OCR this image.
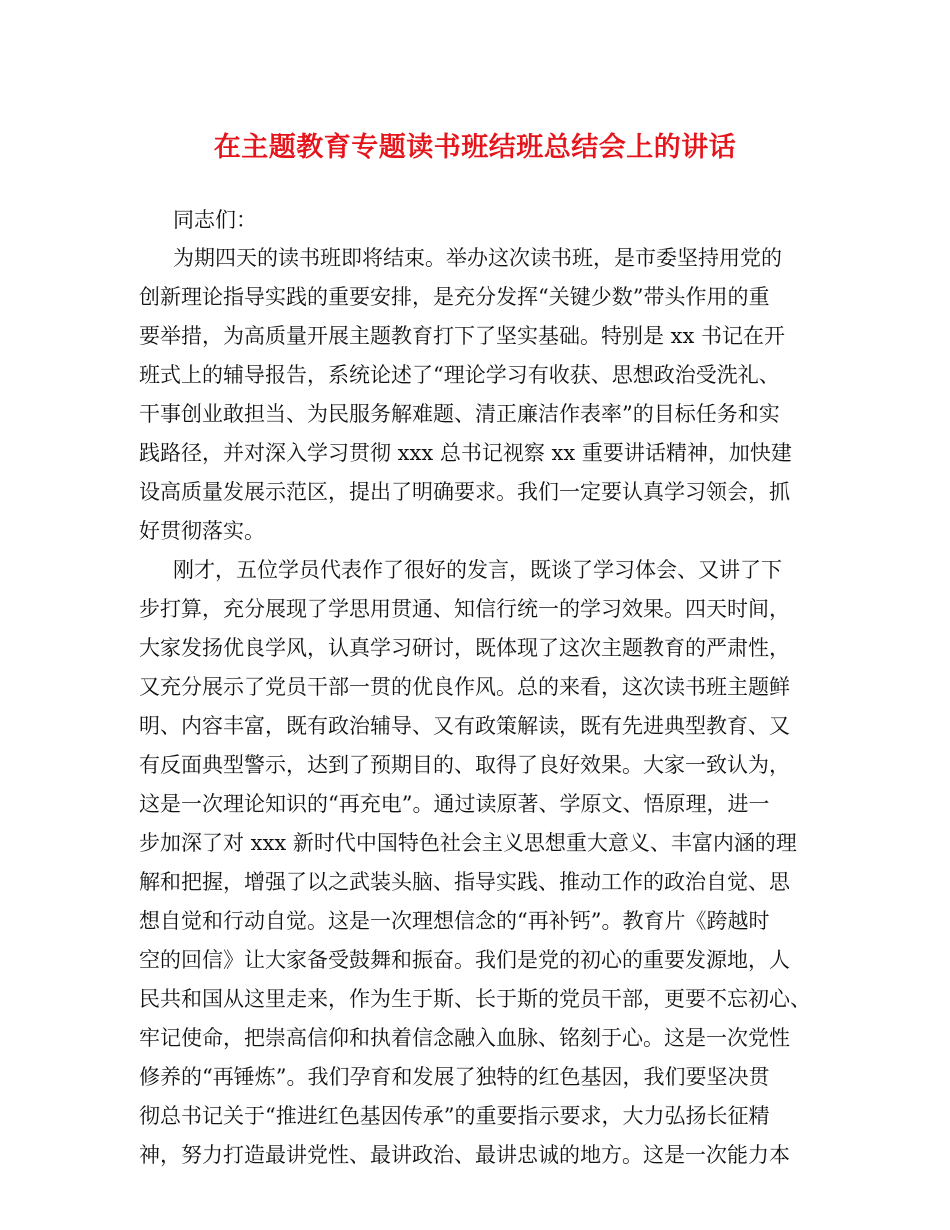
在主题教育专题读书班结班总结会上的讲话
同志们：
为期四天的读书班即将结束。举办这次读书班，是市委坚持用党的
创新理论指导实践的重要安排，是充分发挥“关键少数”带头作用的重
要举措，为高质量开展主题教育打下了坚实基础。特别是 xx 书记在开
班式上的辅导报告，系统论述了“理论学习有收获、思想政治受洗礼、
干事创业敢担当、为民服务解难题、清正廉洁作表率”的目标任务和实
践路径，并对深入学习贯彻 xxx 总书记视察 xx 重要讲话精神，加快建
设高质量发展示范区，提出了明确要求。我们一定要认真学习领会，抓
好贯彻落实。
刚才，五位学员代表作了很好的发言，既谈了学习体会、又讲了下
步打算，充分展现了学思用贯通、知信行统一的学习效果。四天时间，
大家发扬优良学风，认真学习研讨，既体现了这次主题教育的严肃性，
又充分展示了党员干部一贯的优良作风。总的来看，这次读书班主题鲜
明、内容丰富，既有政治辅导、又有政策解读，既有先进典型教育、又
有反面典型警示，达到了预期目的、取得了良好效果。大家一致认为，
这是一次理论知识的“再充电”。通过读原著、学原文、悟原理，进一
步加深了对 xxx 新时代中国特色社会主义思想重大意义、丰富内涵的理
解和把握，增强了以之武装头脑、指导实践、推动工作的政治自觉、思
想自觉和行动自觉。这是一次理想信念的“再补钙”。教育片《跨越时
空的回信》让大家备受鼓舞和振奋。我们是党的初心的重要发源地，人
民共和国从这里走来，作为生于斯、长于斯的党员干部，更要不忘初心、
牢记使命，把崇高信仰和执着信念融入血脉、铭刻于心。这是一次党性
修养的“再锤炼”。我们孕育和发展了独特的红色基因，我们要坚决贯
彻总书记关于“推进红色基因传承”的重要指示要求，大力弘扬长征精
神，努力打造最讲党性、最讲政治、最讲忠诚的地方。这是一次能力本
